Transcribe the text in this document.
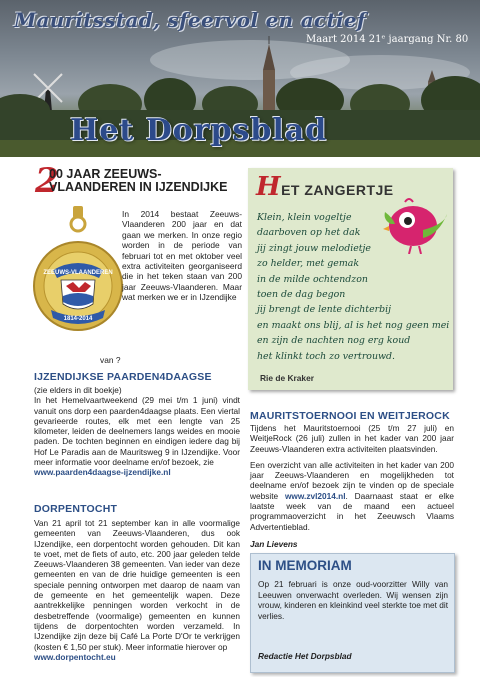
Mauritsstad, sfeervol en actief
Maart 2014 21ᵉ jaargang Nr. 80
Het Dorpsblad
2
00 JAAR ZEEUWS-
VLAANDEREN IN IJZENDIJKE
ZEEUWS-VLAANDEREN
1814-2014
In 2014 bestaat Zeeuws-Vlaanderen 200 jaar en dat gaan we merken. In onze regio worden in de periode van februari tot en met oktober veel extra activiteiten georganiseerd die in het teken staan van 200 jaar Zeeuws-Vlaanderen. Maar wat merken we er in IJzendijke
van ?
IJZENDIJKSE PAARDEN4DAAGSE
(zie elders in dit boekje)
In het Hemelvaartweekend (29 mei t/m 1 juni) vindt vanuit ons dorp een paarden4daagse plaats. Een viertal gevarieerde routes, elk met een lengte van 25 kilometer, leiden de deelnemers langs weides en mooie paden. De tochten beginnen en eindigen iedere dag bij Hof Le Paradis aan de Mauritsweg 9 in IJzendijke. Voor meer informatie voor deelname en/of bezoek, zie
www.paarden4daagse-ijzendijke.nl
DORPENTOCHT
Van 21 april tot 21 september kan in alle voormalige gemeenten van Zeeuws-Vlaanderen, dus ook IJzendijke, een dorpentocht worden gehouden. Dit kan te voet, met de fiets of auto, etc. 200 jaar geleden telde Zeeuws-Vlaanderen 38 gemeenten. Van ieder van deze gemeenten en van de drie huidige gemeenten is een speciale penning ontworpen met daarop de naam van de gemeente en het gemeentelijk wapen. Deze aantrekkelijke penningen worden verkocht in de desbetreffende (voormalige) gemeenten en kunnen tijdens de dorpentochten worden verzameld. In IJzendijke zijn deze bij Café La Porte D'Or te verkrijgen (kosten € 1,50 per stuk). Meer informatie hierover op
www.dorpentocht.eu
HET ZANGERTJE
Klein, klein vogeltje
daarboven op het dak
jij zingt jouw melodietje
zo helder, met gemak
in de milde ochtendzon
toen de dag begon
jij brengt de lente dichterbij
en maakt ons blij, al is het nog geen mei
en zijn de nachten nog erg koud
het klinkt toch zo vertrouwd.
Rie de Kraker
MAURITSTOERNOOI EN WEITJEROCK
Tijdens het Mauritstoernooi (25 t/m 27 juli) en WeitjeRock (26 juli) zullen in het kader van 200 jaar Zeeuws-Vlaanderen extra activiteiten plaatsvinden.
Een overzicht van alle activiteiten in het kader van 200 jaar Zeeuws-Vlaanderen en mogelijkheden tot deelname en/of bezoek zijn te vinden op de speciale website www.zvl2014.nl. Daarnaast staat er elke laatste week van de maand een actueel programmaoverzicht in het Zeeuwsch Vlaams Advertentieblad.
Jan Lievens
IN MEMORIAM
Op 21 februari is onze oud-voorzitter Willy van Leeuwen onverwacht overleden. Wij wensen zijn vrouw, kinderen en kleinkind veel sterkte toe met dit verlies.
Redactie Het Dorpsblad
